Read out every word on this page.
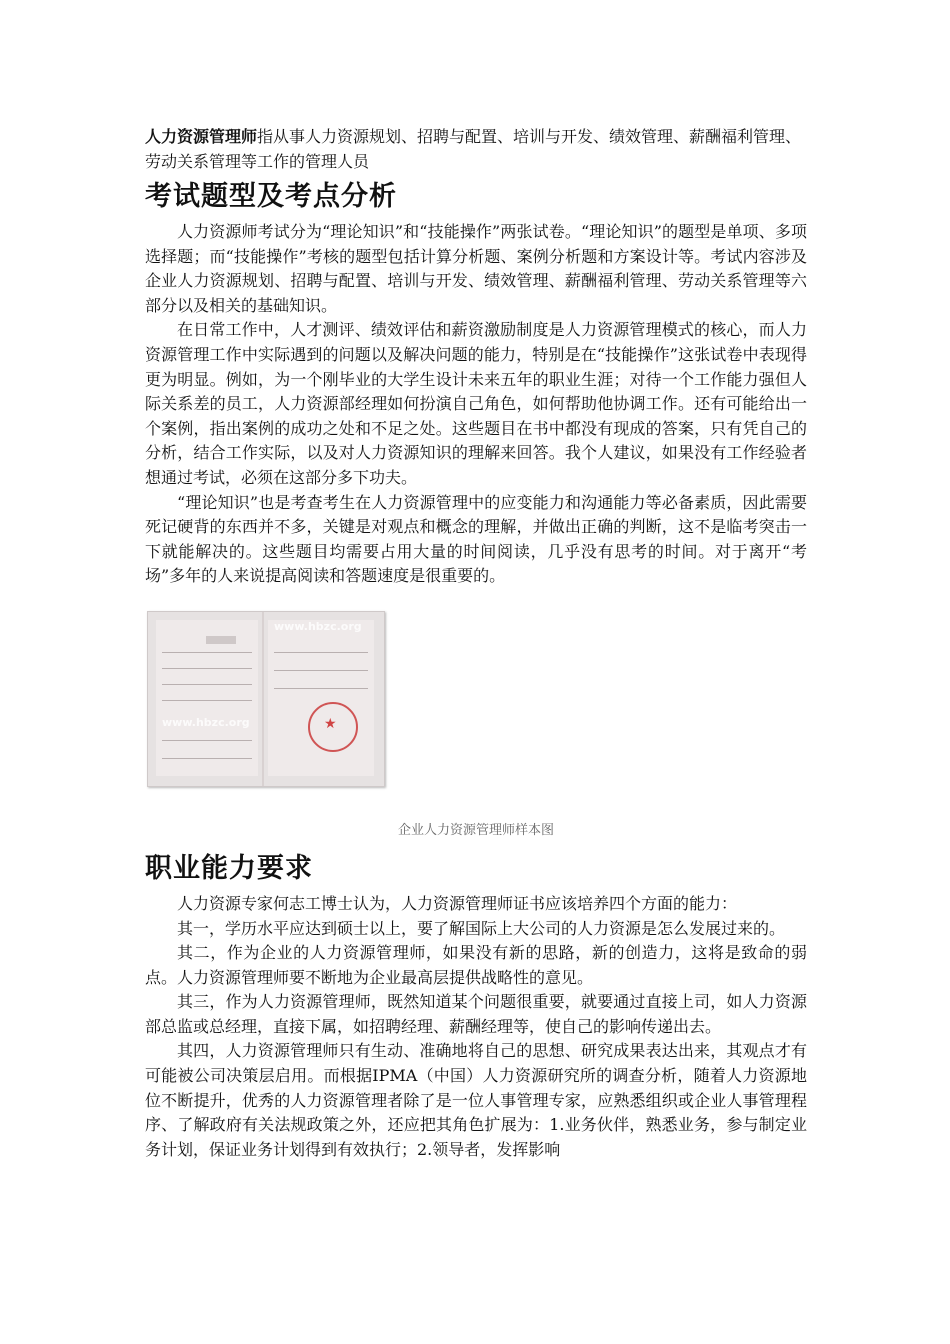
人力资源管理师指从事人力资源规划、招聘与配置、培训与开发、绩效管理、薪酬福利管理、劳动关系管理等工作的管理人员

考试题型及考点分析

人力资源师考试分为“理论知识”和“技能操作”两张试卷。“理论知识”的题型是单项、多项选择题；而“技能操作”考核的题型包括计算分析题、案例分析题和方案设计等。考试内容涉及企业人力资源规划、招聘与配置、培训与开发、绩效管理、薪酬福利管理、劳动关系管理等六部分以及相关的基础知识。

在日常工作中，人才测评、绩效评估和薪资激励制度是人力资源管理模式的核心，而人力资源管理工作中实际遇到的问题以及解决问题的能力，特别是在“技能操作”这张试卷中表现得更为明显。例如，为一个刚毕业的大学生设计未来五年的职业生涯；对待一个工作能力强但人际关系差的员工，人力资源部经理如何扮演自己角色，如何帮助他协调工作。还有可能给出一个案例，指出案例的成功之处和不足之处。这些题目在书中都没有现成的答案，只有凭自己的分析，结合工作实际，以及对人力资源知识的理解来回答。我个人建议，如果没有工作经验者想通过考试，必须在这部分多下功夫。

“理论知识”也是考查考生在人力资源管理中的应变能力和沟通能力等必备素质，因此需要死记硬背的东西并不多，关键是对观点和概念的理解，并做出正确的判断，这不是临考突击一下就能解决的。这些题目均需要占用大量的时间阅读，几乎没有思考的时间。对于离开“考场”多年的人来说提高阅读和答题速度是很重要的。

www.hbzc.org
www.hbzc.org	★
企业人力资源管理师样本图
职业能力要求

人力资源专家何志工博士认为，人力资源管理师证书应该培养四个方面的能力：

其一，学历水平应达到硕士以上，要了解国际上大公司的人力资源是怎么发展过来的。

其二，作为企业的人力资源管理师，如果没有新的思路，新的创造力，这将是致命的弱点。人力资源管理师要不断地为企业最高层提供战略性的意见。

其三，作为人力资源管理师，既然知道某个问题很重要，就要通过直接上司，如人力资源部总监或总经理，直接下属，如招聘经理、薪酬经理等，使自己的影响传递出去。

其四，人力资源管理师只有生动、准确地将自己的思想、研究成果表达出来，其观点才有可能被公司决策层启用。而根据IPMA（中国）人力资源研究所的调查分析，随着人力资源地位不断提升，优秀的人力资源管理者除了是一位人事管理专家，应熟悉组织或企业人事管理程序、了解政府有关法规政策之外，还应把其角色扩展为：1.业务伙伴，熟悉业务，参与制定业务计划，保证业务计划得到有效执行；2.领导者，发挥影响
